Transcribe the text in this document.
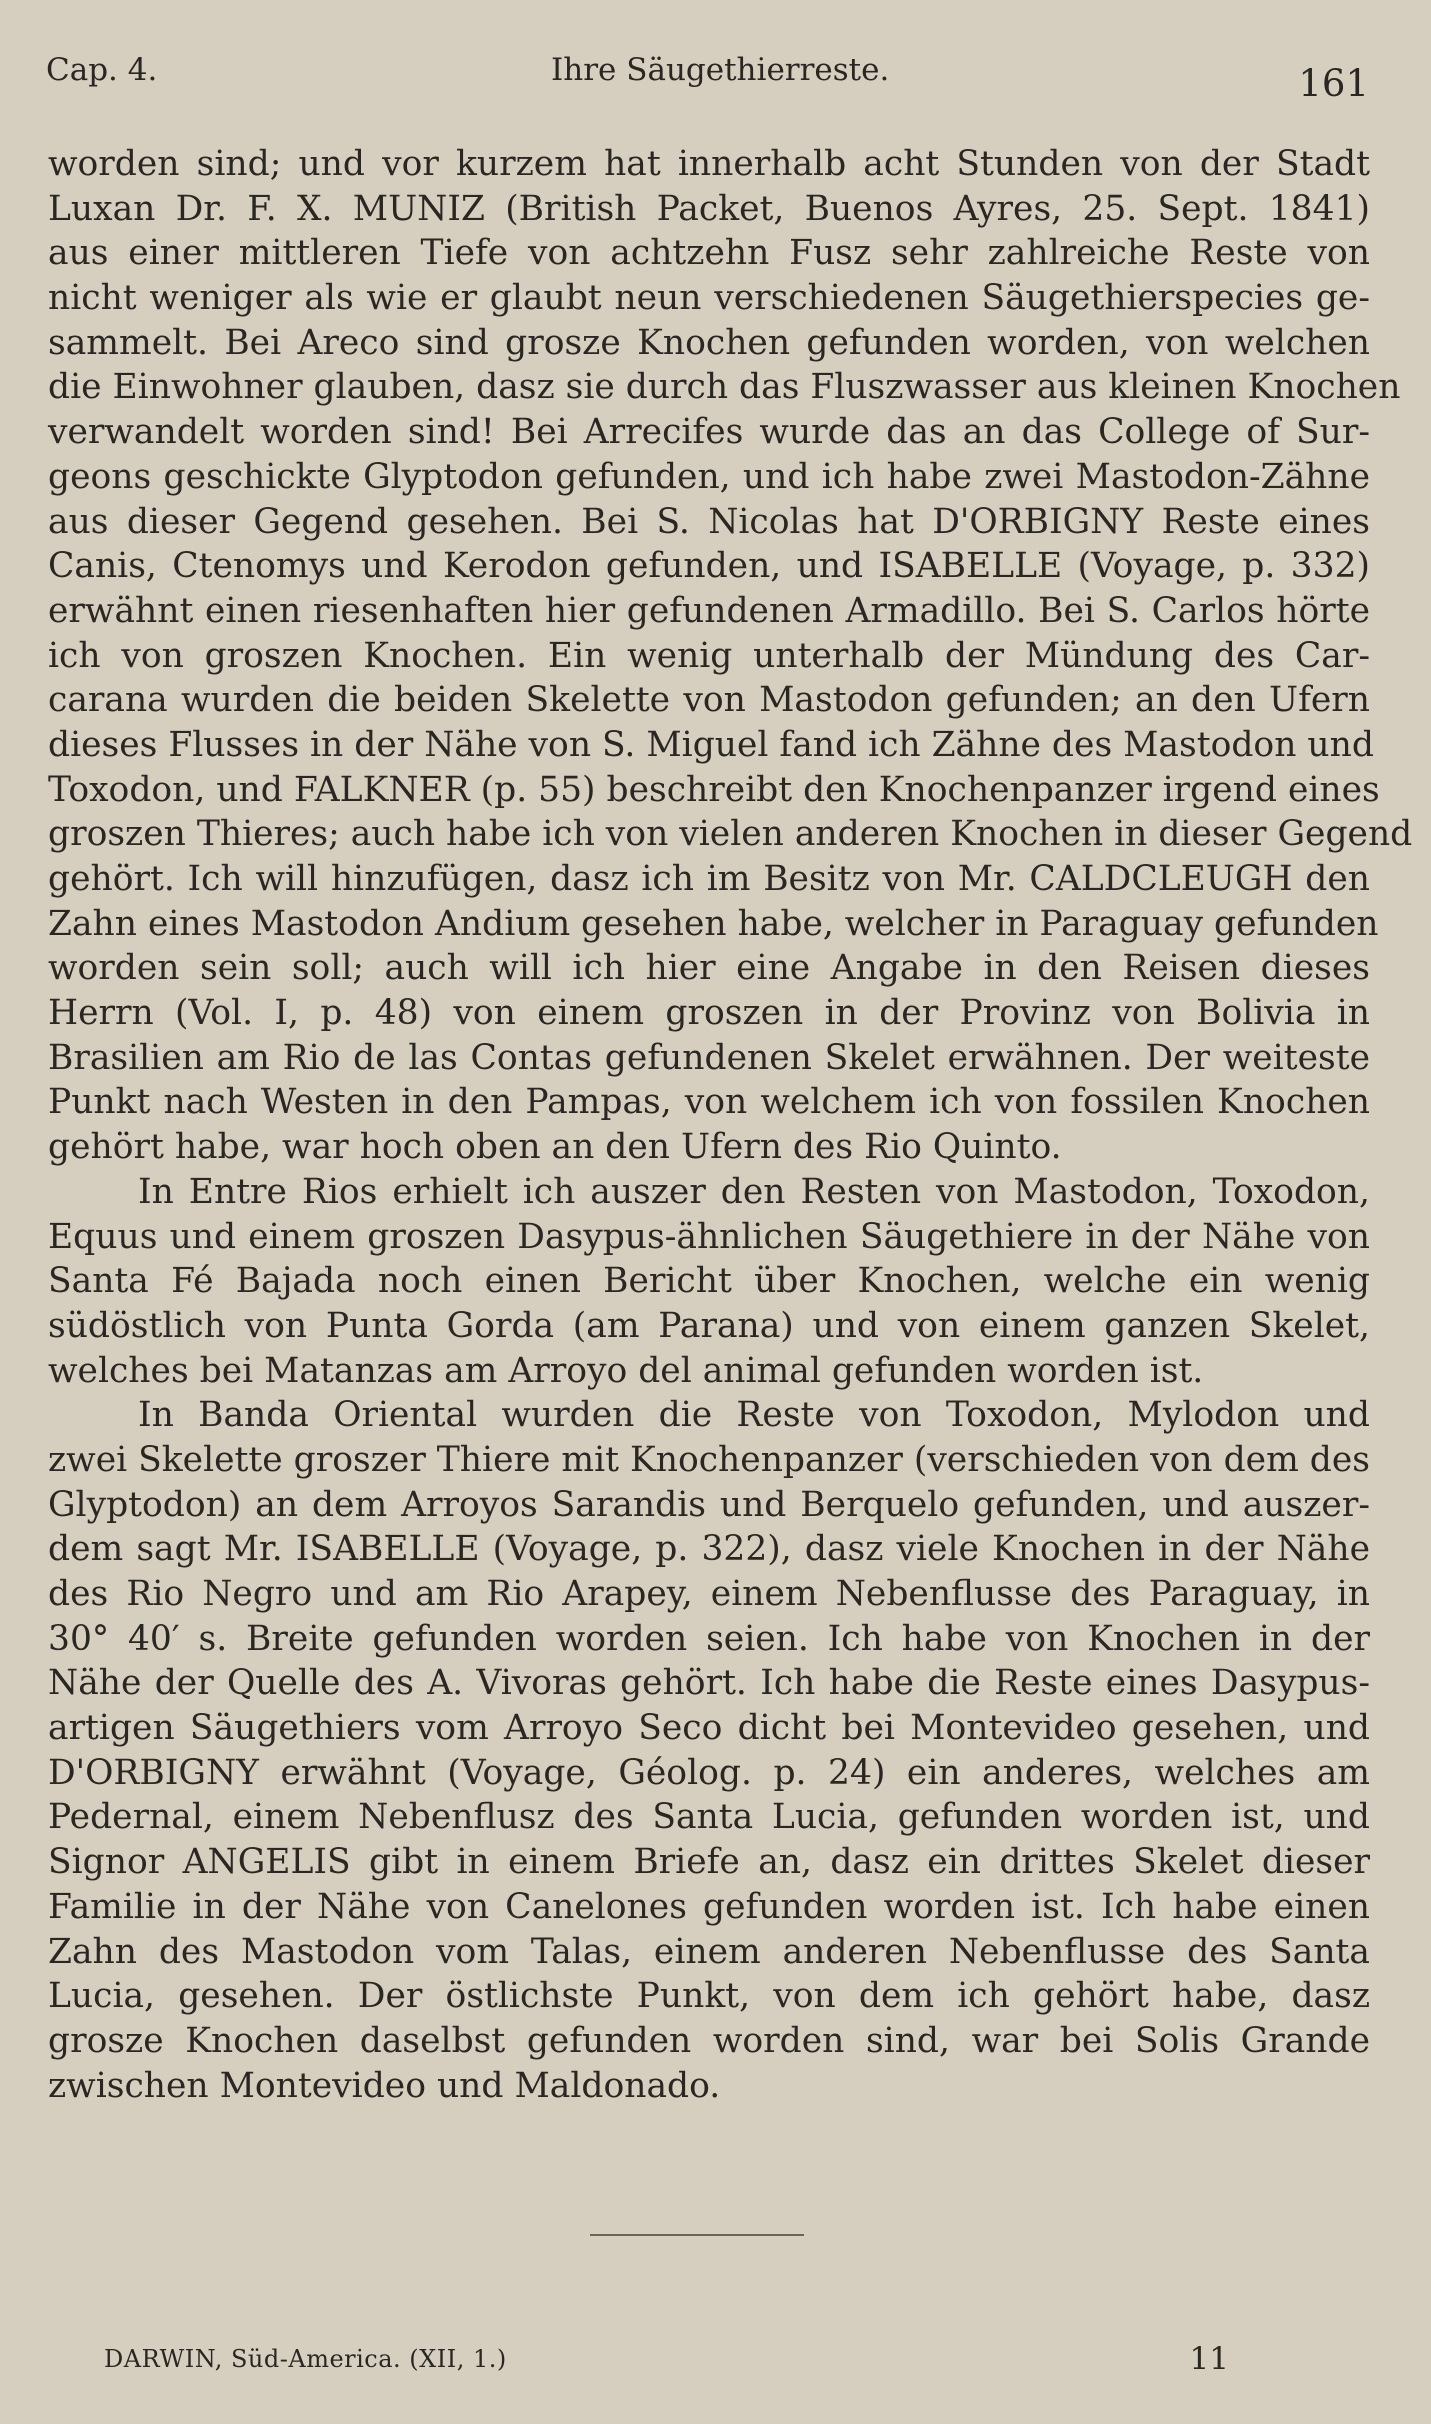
Cap. 4.	Ihre Säugethierreste.	161
worden sind; und vor kurzem hat innerhalb acht Stunden von der Stadt
Luxan Dr. F. X. MUNIZ (British Packet, Buenos Ayres, 25. Sept. 1841)
aus einer mittleren Tiefe von achtzehn Fusz sehr zahlreiche Reste von
nicht weniger als wie er glaubt neun verschiedenen Säugethierspecies ge-
sammelt. Bei Areco sind grosze Knochen gefunden worden, von welchen
die Einwohner glauben, dasz sie durch das Fluszwasser aus kleinen Knochen
verwandelt worden sind! Bei Arrecifes wurde das an das College of Sur-
geons geschickte Glyptodon gefunden, und ich habe zwei Mastodon-Zähne
aus dieser Gegend gesehen. Bei S. Nicolas hat D'ORBIGNY Reste eines
Canis, Ctenomys und Kerodon gefunden, und ISABELLE (Voyage, p. 332)
erwähnt einen riesenhaften hier gefundenen Armadillo. Bei S. Carlos hörte
ich von groszen Knochen. Ein wenig unterhalb der Mündung des Car-
carana wurden die beiden Skelette von Mastodon gefunden; an den Ufern
dieses Flusses in der Nähe von S. Miguel fand ich Zähne des Mastodon und
Toxodon, und FALKNER (p. 55) beschreibt den Knochenpanzer irgend eines
groszen Thieres; auch habe ich von vielen anderen Knochen in dieser Gegend
gehört. Ich will hinzufügen, dasz ich im Besitz von Mr. CALDCLEUGH den
Zahn eines Mastodon Andium gesehen habe, welcher in Paraguay gefunden
worden sein soll; auch will ich hier eine Angabe in den Reisen dieses
Herrn (Vol. I, p. 48) von einem groszen in der Provinz von Bolivia in
Brasilien am Rio de las Contas gefundenen Skelet erwähnen. Der weiteste
Punkt nach Westen in den Pampas, von welchem ich von fossilen Knochen
gehört habe, war hoch oben an den Ufern des Rio Quinto.
In Entre Rios erhielt ich auszer den Resten von Mastodon, Toxodon,
Equus und einem groszen Dasypus-ähnlichen Säugethiere in der Nähe von
Santa Fé Bajada noch einen Bericht über Knochen, welche ein wenig
südöstlich von Punta Gorda (am Parana) und von einem ganzen Skelet,
welches bei Matanzas am Arroyo del animal gefunden worden ist.
In Banda Oriental wurden die Reste von Toxodon, Mylodon und
zwei Skelette groszer Thiere mit Knochenpanzer (verschieden von dem des
Glyptodon) an dem Arroyos Sarandis und Berquelo gefunden, und auszer-
dem sagt Mr. ISABELLE (Voyage, p. 322), dasz viele Knochen in der Nähe
des Rio Negro und am Rio Arapey, einem Nebenflusse des Paraguay, in
30° 40′ s. Breite gefunden worden seien. Ich habe von Knochen in der
Nähe der Quelle des A. Vivoras gehört. Ich habe die Reste eines Dasypus-
artigen Säugethiers vom Arroyo Seco dicht bei Montevideo gesehen, und
D'ORBIGNY erwähnt (Voyage, Géolog. p. 24) ein anderes, welches am
Pedernal, einem Nebenflusz des Santa Lucia, gefunden worden ist, und
Signor ANGELIS gibt in einem Briefe an, dasz ein drittes Skelet dieser
Familie in der Nähe von Canelones gefunden worden ist. Ich habe einen
Zahn des Mastodon vom Talas, einem anderen Nebenflusse des Santa
Lucia, gesehen. Der östlichste Punkt, von dem ich gehört habe, dasz
grosze Knochen daselbst gefunden worden sind, war bei Solis Grande
zwischen Montevideo und Maldonado.
DARWIN, Süd-America. (XII, 1.)	11
